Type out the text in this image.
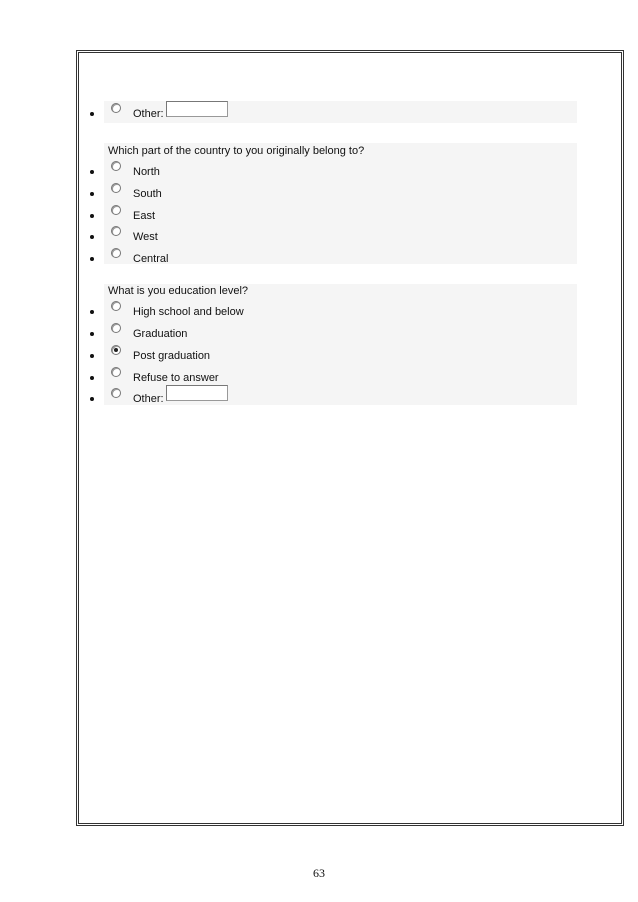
Other:
Which part of the country to you originally belong to?
North
South
East
West
Central
What is you education level?
High school and below
Graduation
Post graduation
Refuse to answer
Other:
63
